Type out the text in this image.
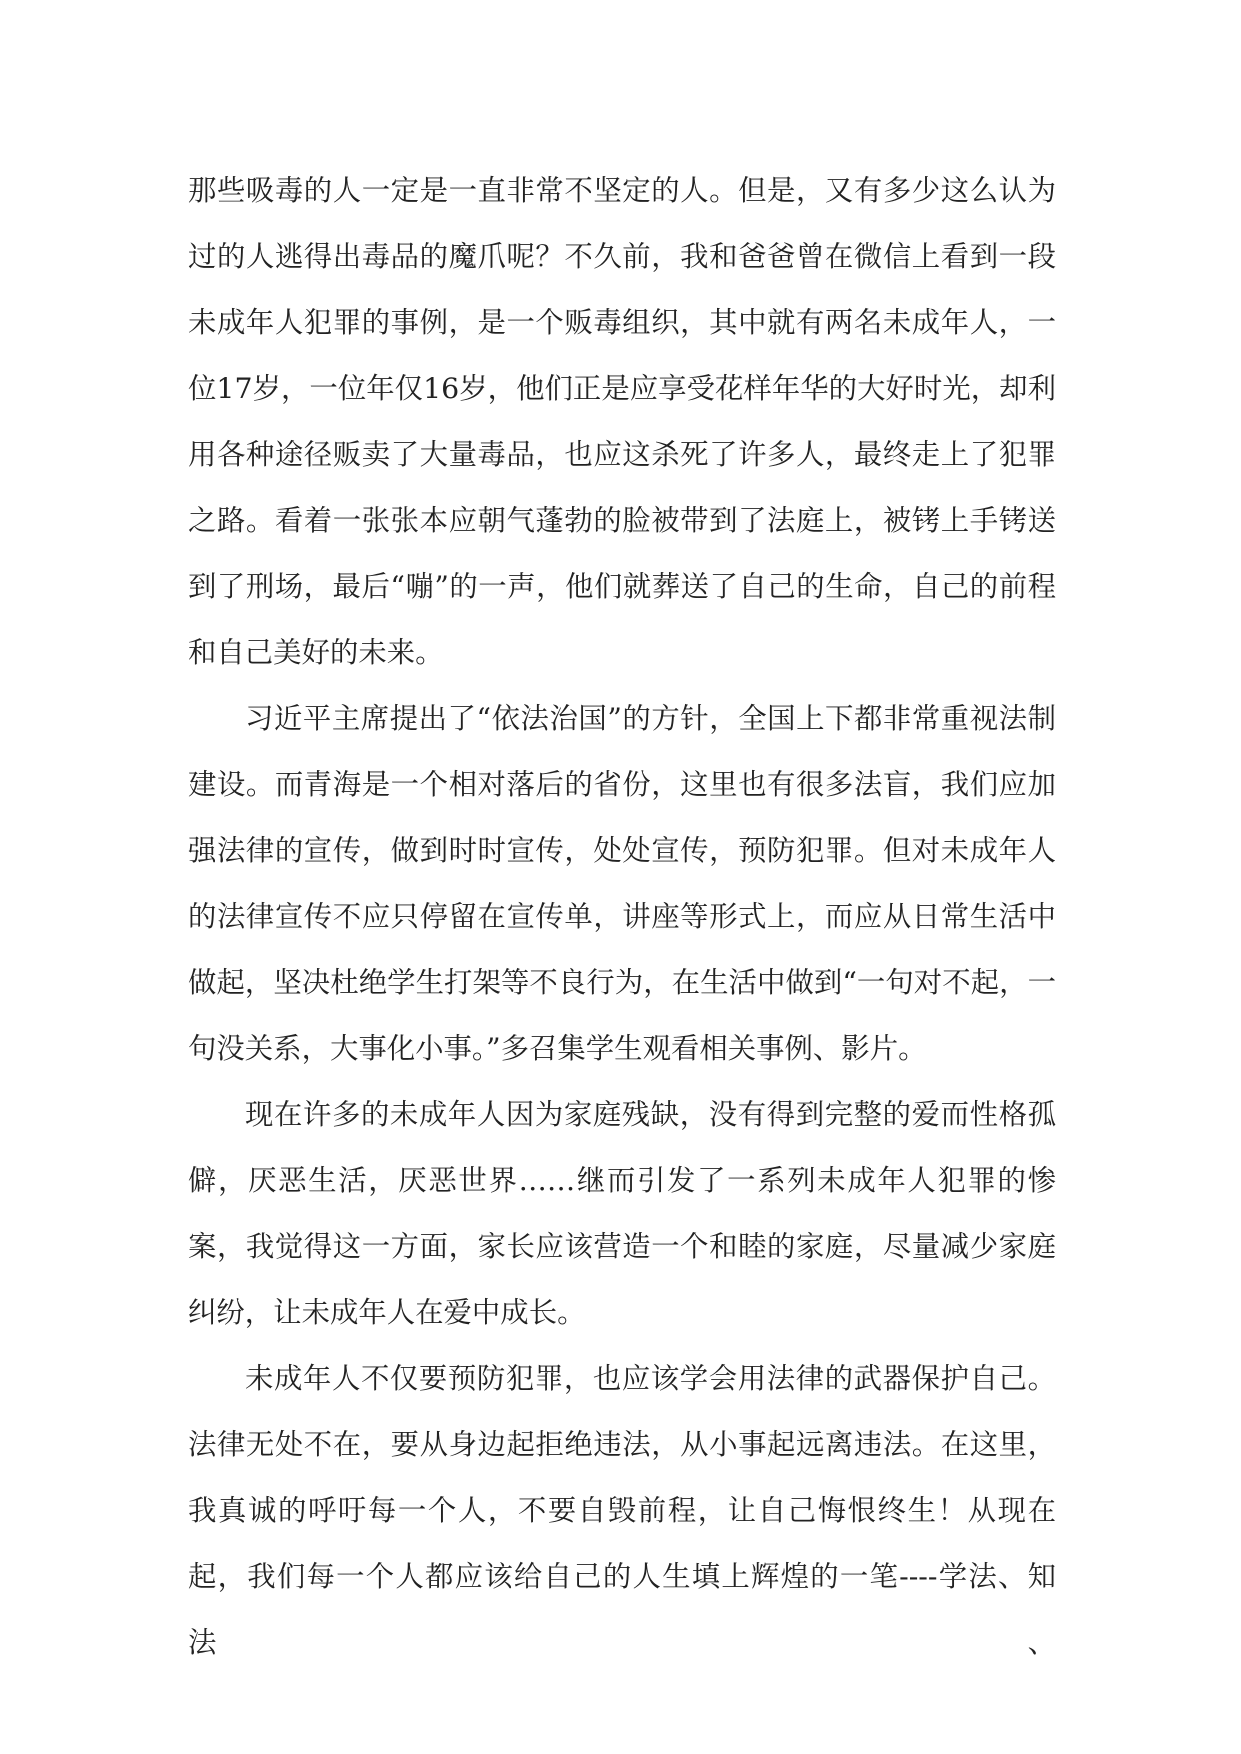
那些吸毒的人一定是一直非常不坚定的人。但是，又有多少这么认为过的人逃得出毒品的魔爪呢？不久前，我和爸爸曾在微信上看到一段未成年人犯罪的事例，是一个贩毒组织，其中就有两名未成年人，一位17岁，一位年仅16岁，他们正是应享受花样年华的大好时光，却利用各种途径贩卖了大量毒品，也应这杀死了许多人，最终走上了犯罪之路。看着一张张本应朝气蓬勃的脸被带到了法庭上，被铐上手铐送到了刑场，最后“嘣”的一声，他们就葬送了自己的生命，自己的前程和自己美好的未来。

习近平主席提出了“依法治国”的方针，全国上下都非常重视法制建设。而青海是一个相对落后的省份，这里也有很多法盲，我们应加强法律的宣传，做到时时宣传，处处宣传，预防犯罪。但对未成年人的法律宣传不应只停留在宣传单，讲座等形式上，而应从日常生活中做起，坚决杜绝学生打架等不良行为，在生活中做到“一句对不起，一句没关系，大事化小事。”多召集学生观看相关事例、影片。

现在许多的未成年人因为家庭残缺，没有得到完整的爱而性格孤僻，厌恶生活，厌恶世界……继而引发了一系列未成年人犯罪的惨案，我觉得这一方面，家长应该营造一个和睦的家庭，尽量减少家庭纠纷，让未成年人在爱中成长。

未成年人不仅要预防犯罪，也应该学会用法律的武器保护自己。法律无处不在，要从身边起拒绝违法，从小事起远离违法。在这里，我真诚的呼吁每一个人，不要自毁前程，让自己悔恨终生！从现在起，我们每一个人都应该给自己的人生填上辉煌的一笔----学法、知法、
